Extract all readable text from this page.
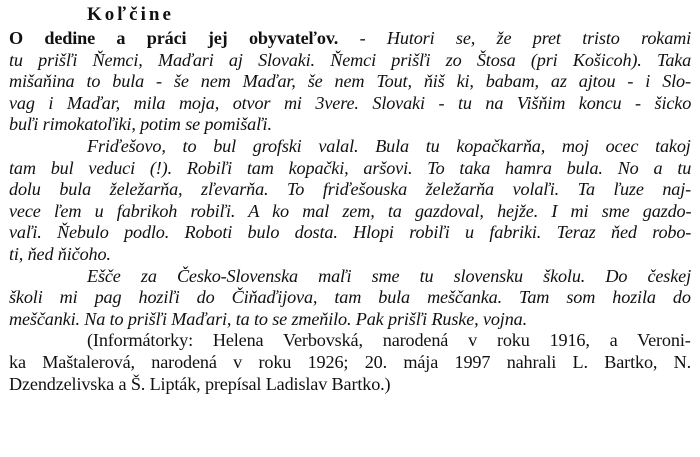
Koľčine
O dedine a práci jej obyvateľov. - Hutori se, že pret tristo rokami
tu prišľi Ňemci, Maďari aj Slovaki. Ňemci prišľi zo Štosa (pri Košicoh). Taka
mišaňina to bula - še nem Maďar, še nem Tout, ňiš ki, babam, az ajtou - i Slo-
vag i Maďar, mila moja, otvor mi 3vere. Slovaki - tu na Višňim koncu - šicko
buľi rimokatoľiki, potim se pomišaľi.
Friďešovo, to bul grofski valal. Bula tu kopačkarňa, moj ocec takoj
tam bul veduci (!). Robiľi tam kopački, aršovi. To taka hamra bula. No a tu
dolu bula želežarňa, zľevarňa. To friďešouska želežarňa volaľi. Ta ľuze naj-
vece ľem u fabrikoh robiľi. A ko mal zem, ta gazdoval, hejže. I mi sme gazdo-
vaľi. Ňebulo podlo. Roboti bulo dosta. Hlopi robiľi u fabriki. Teraz ňed robo-
ti, ňed ňičoho.
Ešče za Česko-Slovenska maľi sme tu slovensku školu. Do českej
školi mi pag hoziľi do Čiňaďijova, tam bula meščanka. Tam som hozila do
meščanki. Na to prišľi Maďari, ta to se zmeňilo. Pak prišľi Ruske, vojna.
(Informátorky: Helena Verbovská, narodená v roku 1916, a Veroni-
ka Maštalerová, narodená v roku 1926; 20. mája 1997 nahrali L. Bartko, N.
Dzendzelivska a Š. Lipták, prepísal Ladislav Bartko.)
